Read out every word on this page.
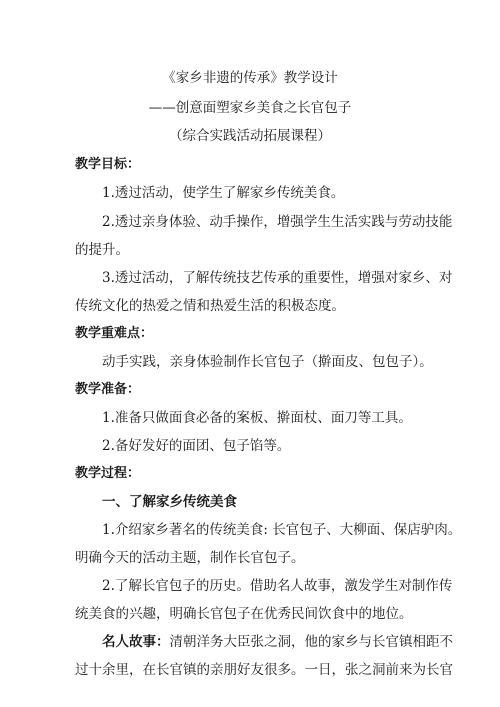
《家乡非遗的传承》教学设计
——创意面塑家乡美食之长官包子
（综合实践活动拓展课程）
教学目标：
1.透过活动，使学生了解家乡传统美食。
2.透过亲身体验、动手操作，增强学生生活实践与劳动技能
的提升。
3.透过活动，了解传统技艺传承的重要性，增强对家乡、对
传统文化的热爱之情和热爱生活的积极态度。
教学重难点：
动手实践，亲身体验制作长官包子（擀面皮、包包子）。
教学准备：
1.准备只做面食必备的案板、擀面杖、面刀等工具。
2.备好发好的面团、包子馅等。
教学过程：
一、了解家乡传统美食
1.介绍家乡著名的传统美食: 长官包子、大柳面、保店驴肉。
明确今天的活动主题，制作长官包子。
2.了解长官包子的历史。借助名人故事，激发学生对制作传
统美食的兴趣，明确长官包子在优秀民间饮食中的地位。
名人故事：清朝洋务大臣张之洞，他的家乡与长官镇相距不
过十余里，在长官镇的亲朋好友很多。一日，张之洞前来为长官
